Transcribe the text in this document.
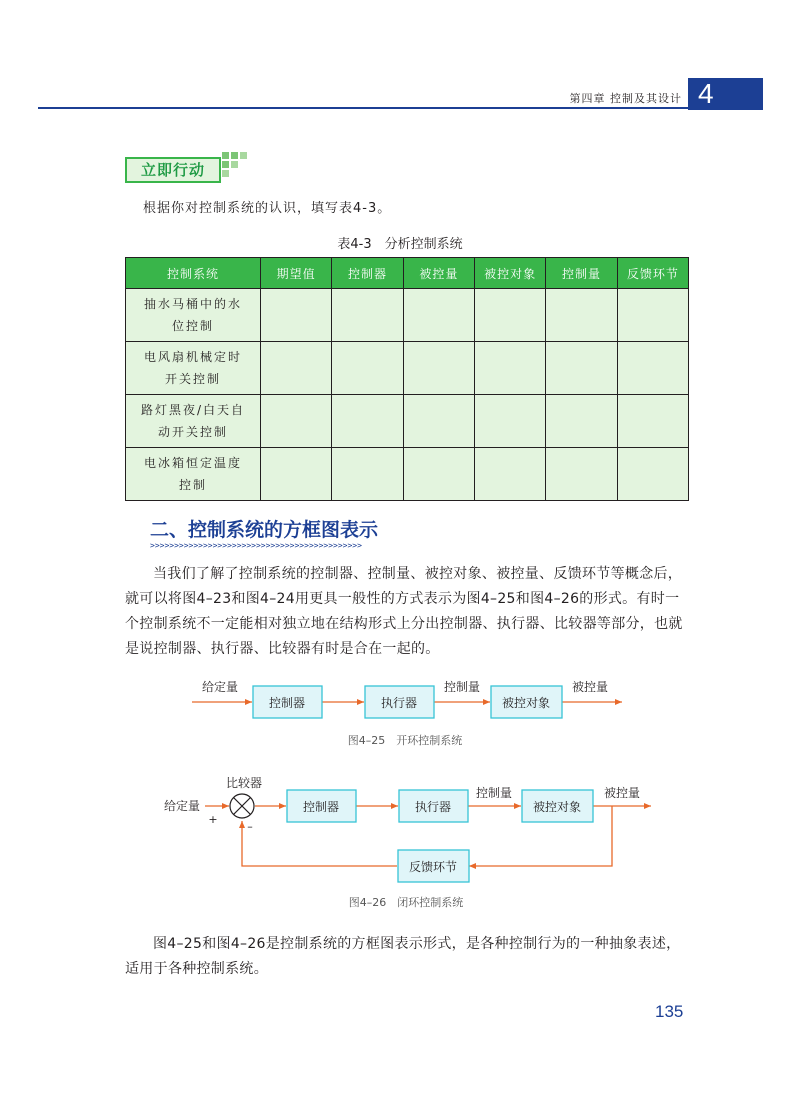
第四章 控制及其设计 4
立即行动
根据你对控制系统的认识，填写表4-3。
表4-3　分析控制系统
控制系统	期望值	控制器	被控量	被控对象	控制量	反馈环节

抽水马桶中的水
位控制						

电风扇机械定时
开关控制						

路灯黑夜/白天自
动开关控制						

电冰箱恒定温度
控制						

二、控制系统的方框图表示
>>>>>>>>>>>>>>>>>>>>>>>>>>>>>>>>>>>>>>>>>>>>

当我们了解了控制系统的控制器、控制量、被控对象、被控量、反馈环节等概念后，就可以将图4–23和图4–24用更具一般性的方式表示为图4–25和图4–26的形式。有时一个控制系统不一定能相对独立地在结构形式上分出控制器、执行器、比较器等部分，也就是说控制器、执行器、比较器有时是合在一起的。

给定量
控制器	执行器
控制量
被控对象
被控量
图4–25　开环控制系统
比较器
给定量
+
–
控制器	执行器
控制量
被控对象
被控量
反馈环节
图4–26　闭环控制系统

图4–25和图4–26是控制系统的方框图表示形式，是各种控制行为的一种抽象表述，适用于各种控制系统。

135
